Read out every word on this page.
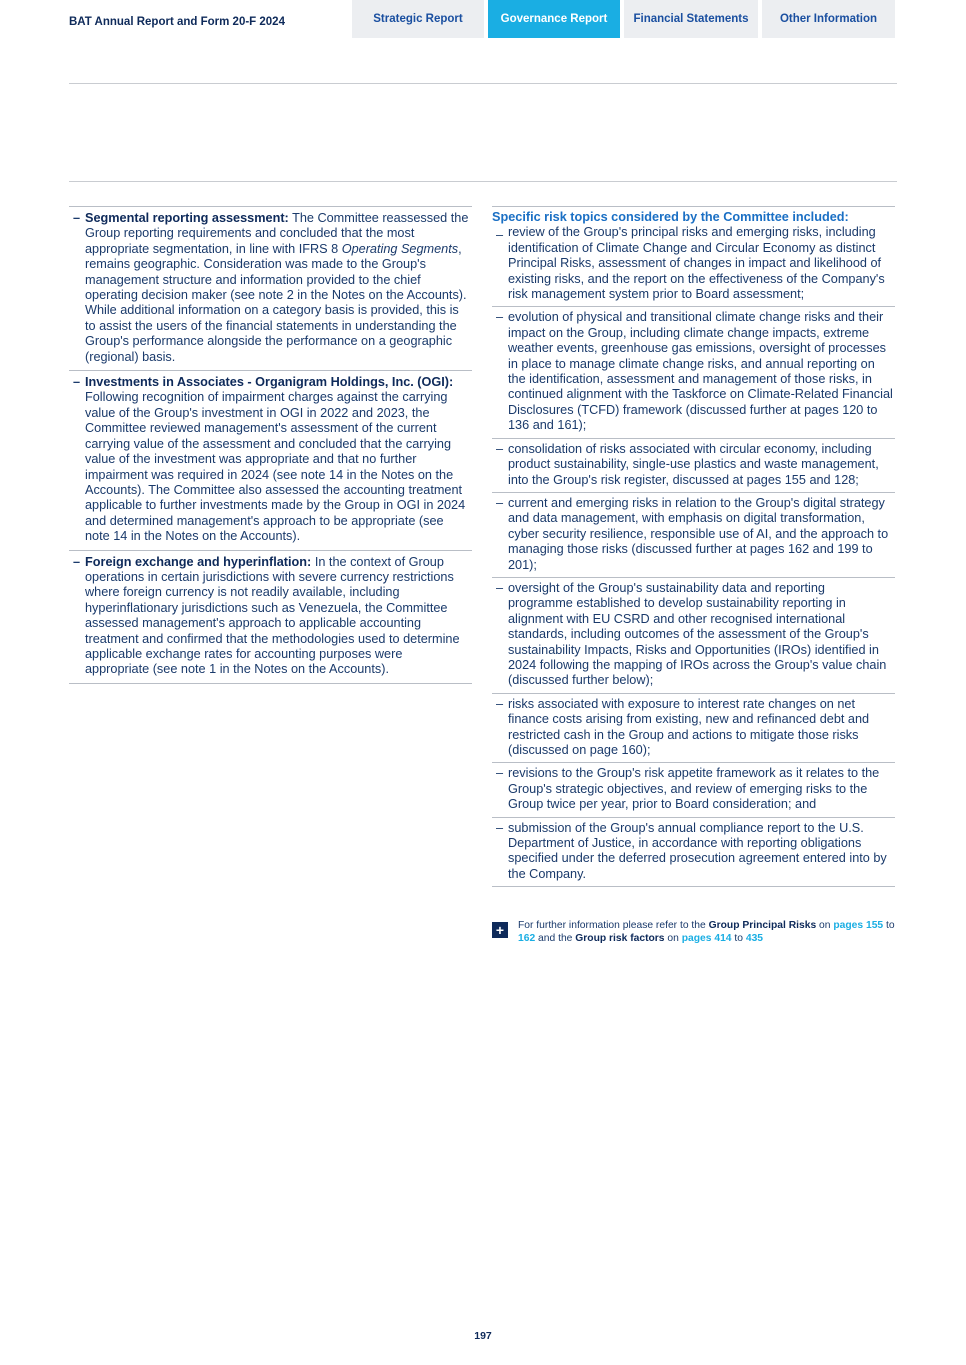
BAT Annual Report and Form 20-F 2024	Strategic Report	Governance Report	Financial Statements	Other Information
– Segmental reporting assessment: The Committee reassessed the Group reporting requirements and concluded that the most appropriate segmentation, in line with IFRS 8 Operating Segments, remains geographic. Consideration was made to the Group's management structure and information provided to the chief operating decision maker (see note 2 in the Notes on the Accounts). While additional information on a category basis is provided, this is to assist the users of the financial statements in understanding the Group's performance alongside the performance on a geographic (regional) basis.
– Investments in Associates - Organigram Holdings, Inc. (OGI): Following recognition of impairment charges against the carrying value of the Group's investment in OGI in 2022 and 2023, the Committee reviewed management's assessment of the current carrying value of the assessment and concluded that the carrying value of the investment was appropriate and that no further impairment was required in 2024 (see note 14 in the Notes on the Accounts). The Committee also assessed the accounting treatment applicable to further investments made by the Group in OGI in 2024 and determined management's approach to be appropriate (see note 14 in the Notes on the Accounts).
– Foreign exchange and hyperinflation: In the context of Group operations in certain jurisdictions with severe currency restrictions where foreign currency is not readily available, including hyperinflationary jurisdictions such as Venezuela, the Committee assessed management's approach to applicable accounting treatment and confirmed that the methodologies used to determine applicable exchange rates for accounting purposes were appropriate (see note 1 in the Notes on the Accounts).
Specific risk topics considered by the Committee included:
– review of the Group's principal risks and emerging risks, including identification of Climate Change and Circular Economy as distinct Principal Risks, assessment of changes in impact and likelihood of existing risks, and the report on the effectiveness of the Company's risk management system prior to Board assessment;
– evolution of physical and transitional climate change risks and their impact on the Group, including climate change impacts, extreme weather events, greenhouse gas emissions, oversight of processes in place to manage climate change risks, and annual reporting on the identification, assessment and management of those risks, in continued alignment with the Taskforce on Climate-Related Financial Disclosures (TCFD) framework (discussed further at pages 120 to 136 and 161);
– consolidation of risks associated with circular economy, including product sustainability, single-use plastics and waste management, into the Group's risk register, discussed at pages 155 and 128;
– current and emerging risks in relation to the Group's digital strategy and data management, with emphasis on digital transformation, cyber security resilience, responsible use of AI, and the approach to managing those risks (discussed further at pages 162 and 199 to 201);
– oversight of the Group's sustainability data and reporting programme established to develop sustainability reporting in alignment with EU CSRD and other recognised international standards, including outcomes of the assessment of the Group's sustainability Impacts, Risks and Opportunities (IROs) identified in 2024 following the mapping of IROs across the Group's value chain (discussed further below);
– risks associated with exposure to interest rate changes on net finance costs arising from existing, new and refinanced debt and restricted cash in the Group and actions to mitigate those risks (discussed on page 160);
– revisions to the Group's risk appetite framework as it relates to the Group's strategic objectives, and review of emerging risks to the Group twice per year, prior to Board consideration; and
– submission of the Group's annual compliance report to the U.S. Department of Justice, in accordance with reporting obligations specified under the deferred prosecution agreement entered into by the Company.
+	For further information please refer to the Group Principal Risks on pages 155 to 162 and the Group risk factors on pages 414 to 435
197
